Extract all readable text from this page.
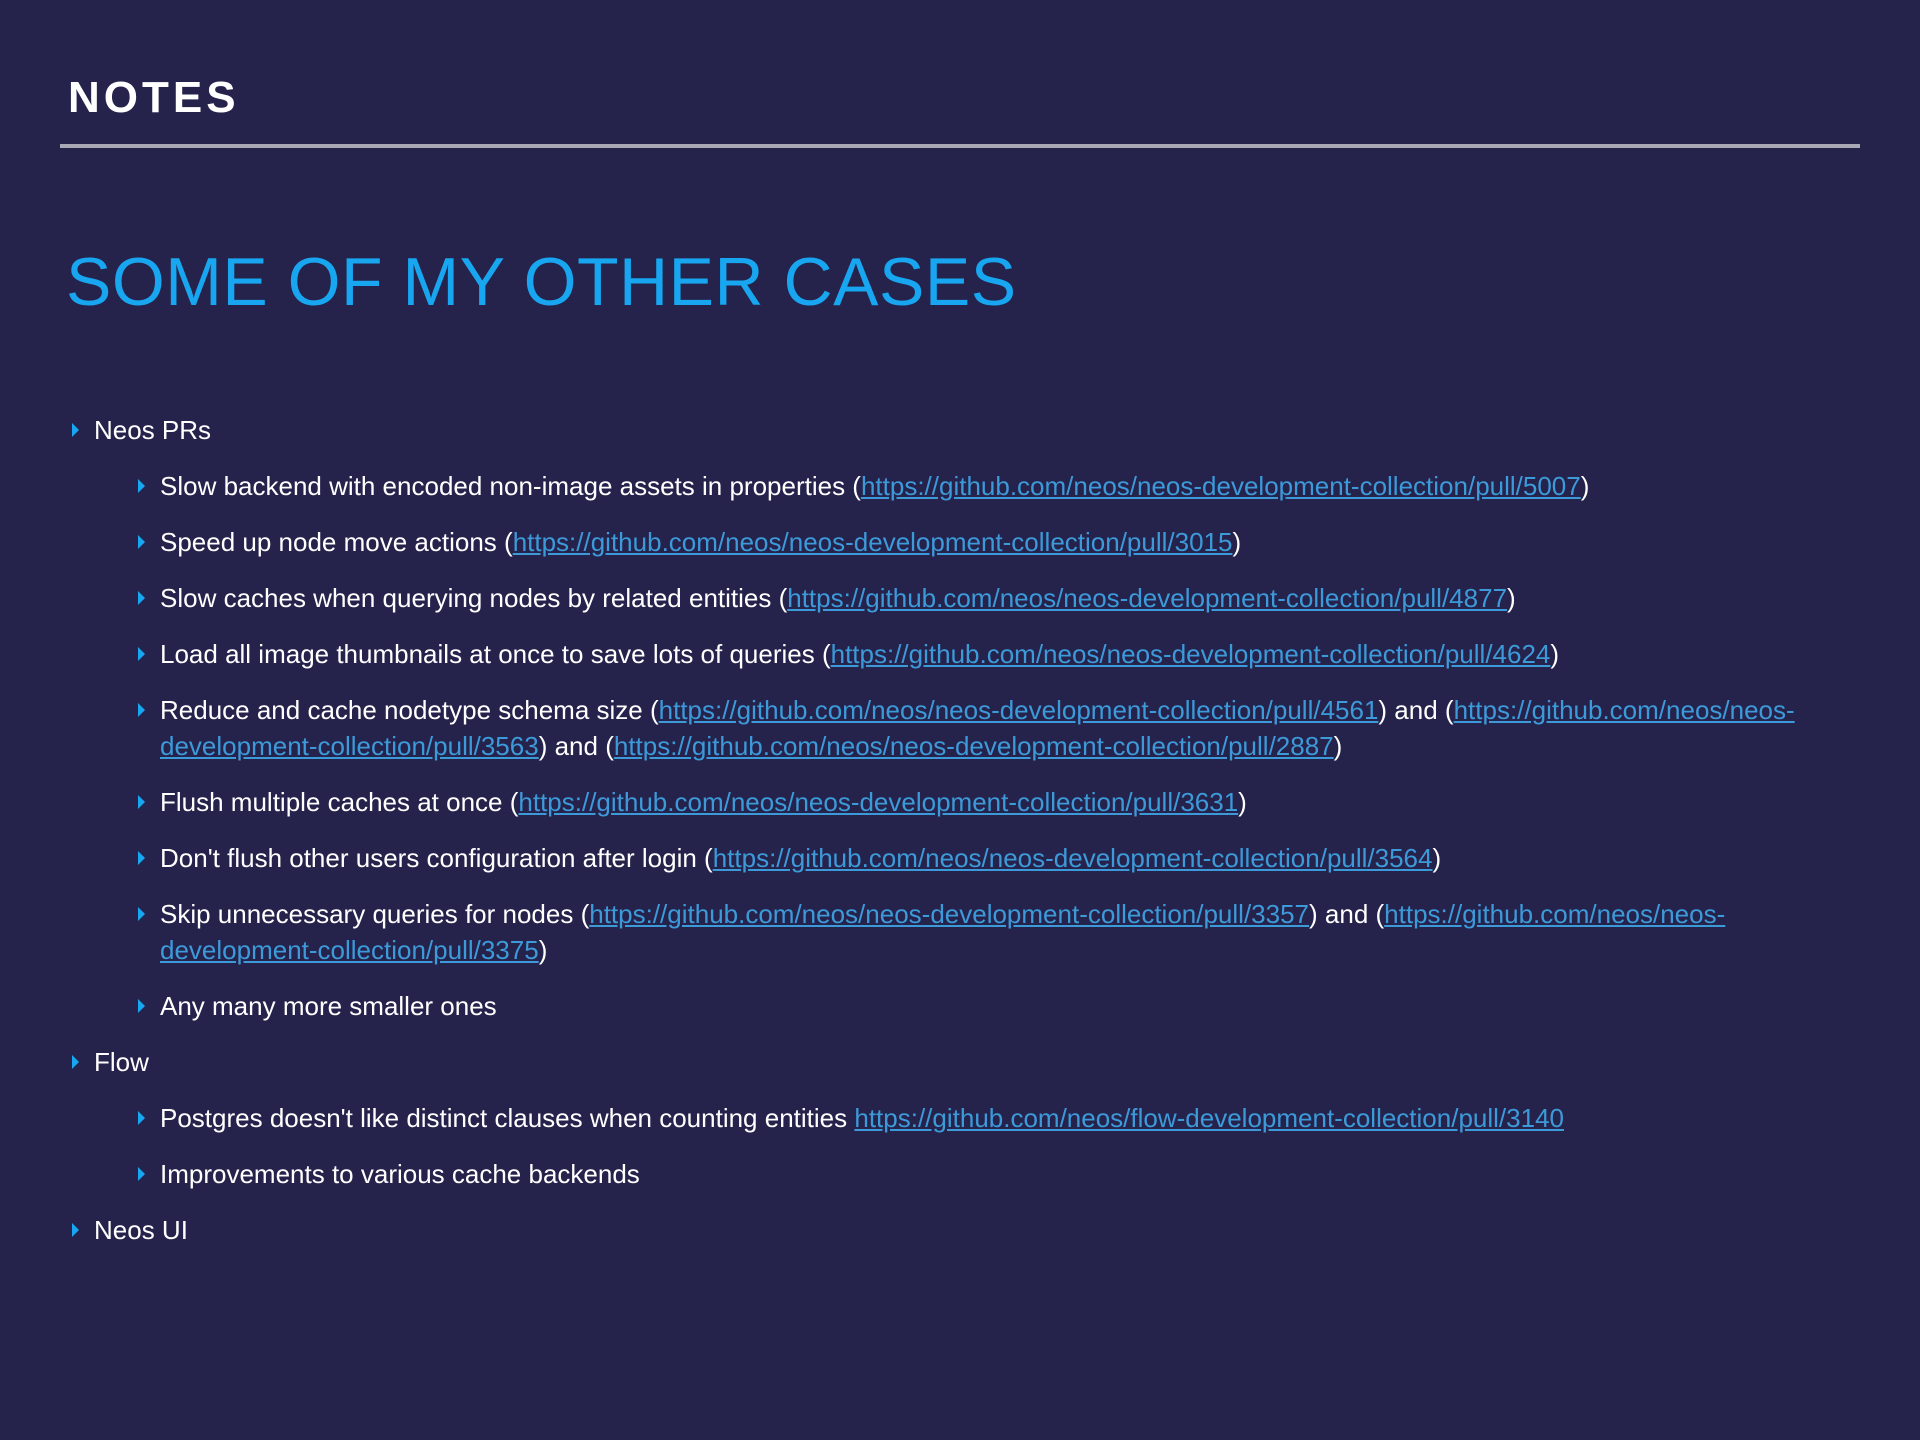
NOTES
SOME OF MY OTHER CASES
Neos PRs
Slow backend with encoded non-image assets in properties (https://github.com/neos/neos-development-collection/pull/5007)
Speed up node move actions (https://github.com/neos/neos-development-collection/pull/3015)
Slow caches when querying nodes by related entities (https://github.com/neos/neos-development-collection/pull/4877)
Load all image thumbnails at once to save lots of queries (https://github.com/neos/neos-development-collection/pull/4624)
Reduce and cache nodetype schema size (https://github.com/neos/neos-development-collection/pull/4561) and (https://github.com/neos/neos-development-collection/pull/3563) and (https://github.com/neos/neos-development-collection/pull/2887)
Flush multiple caches at once (https://github.com/neos/neos-development-collection/pull/3631)
Don't flush other users configuration after login (https://github.com/neos/neos-development-collection/pull/3564)
Skip unnecessary queries for nodes (https://github.com/neos/neos-development-collection/pull/3357) and (https://github.com/neos/neos-development-collection/pull/3375)
Any many more smaller ones
Flow
Postgres doesn't like distinct clauses when counting entities https://github.com/neos/flow-development-collection/pull/3140
Improvements to various cache backends
Neos UI
